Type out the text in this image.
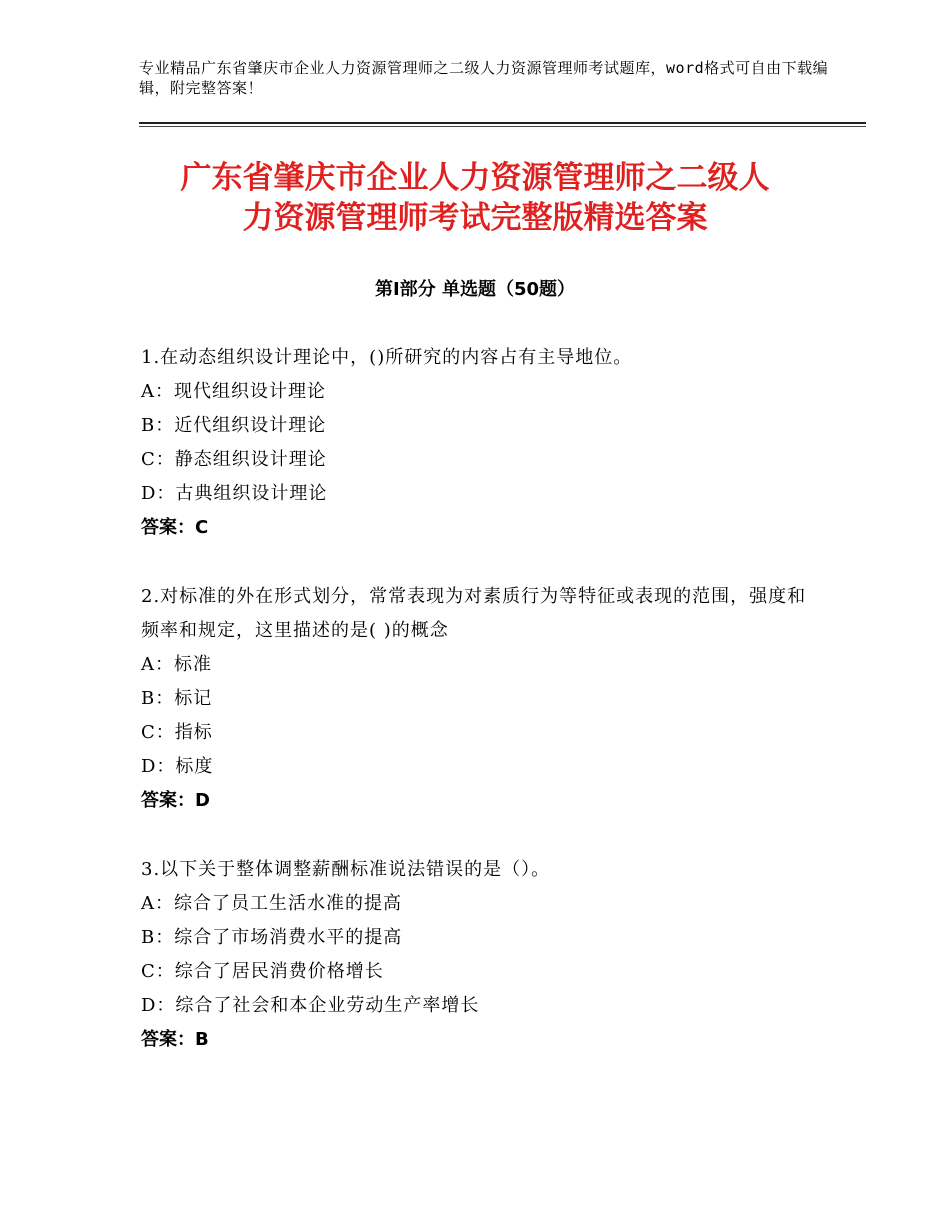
专业精品广东省肇庆市企业人力资源管理师之二级人力资源管理师考试题库，word格式可自由下载编辑，附完整答案！
广东省肇庆市企业人力资源管理师之二级人
力资源管理师考试完整版精选答案
第Ⅰ部分 单选题（50题）

1.在动态组织设计理论中，()所研究的内容占有主导地位。

A：现代组织设计理论

B：近代组织设计理论

C：静态组织设计理论

D：古典组织设计理论

答案：C

2.对标准的外在形式划分，常常表现为对素质行为等特征或表现的范围，强度和频率和规定，这里描述的是( )的概念

A：标准

B：标记

C：指标

D：标度

答案：D

3.以下关于整体调整薪酬标准说法错误的是（）。

A：综合了员工生活水准的提高

B：综合了市场消费水平的提高

C：综合了居民消费价格增长

D：综合了社会和本企业劳动生产率增长

答案：B
